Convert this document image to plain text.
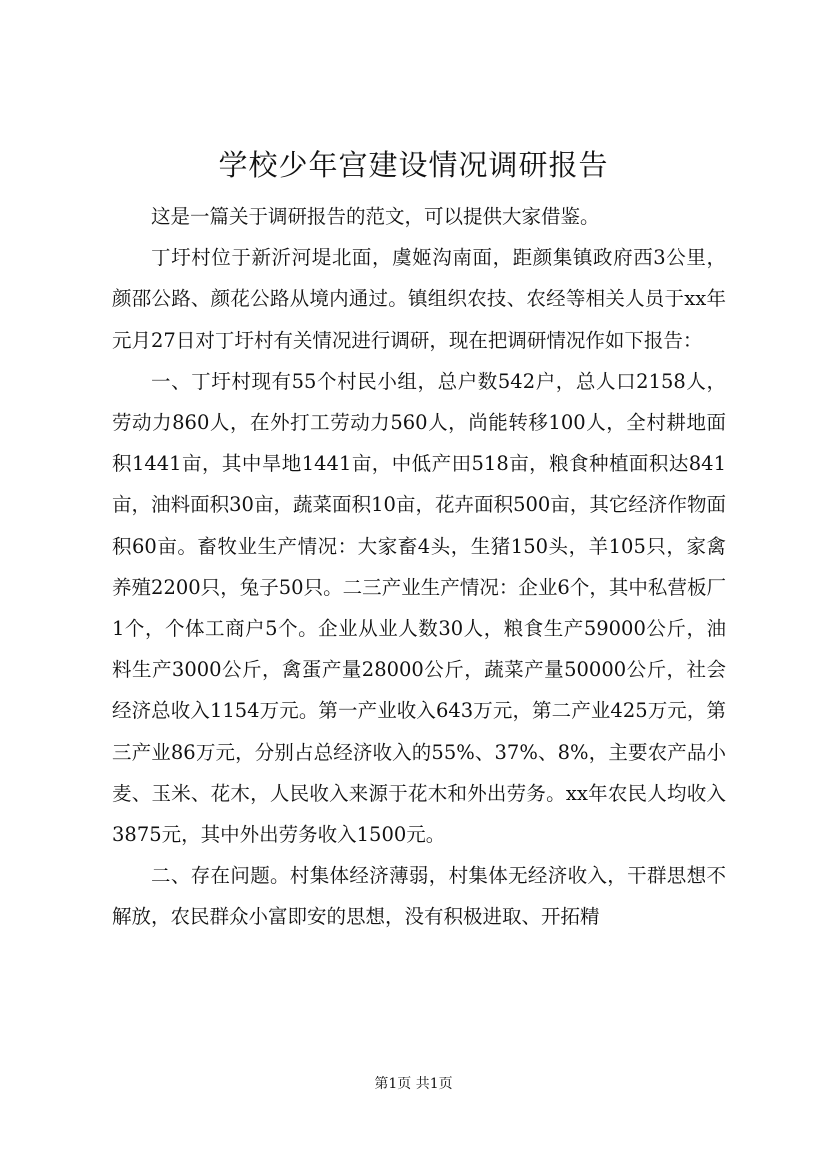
学校少年宫建设情况调研报告

这是一篇关于调研报告的范文，可以提供大家借鉴。

丁圩村位于新沂河堤北面，虞姬沟南面，距颜集镇政府西3公里，颜邵公路、颜花公路从境内通过。镇组织农技、农经等相关人员于xx年元月27日对丁圩村有关情况进行调研，现在把调研情况作如下报告：

一、丁圩村现有55个村民小组，总户数542户，总人口2158人，劳动力860人，在外打工劳动力560人，尚能转移100人，全村耕地面积1441亩，其中旱地1441亩，中低产田518亩，粮食种植面积达841亩，油料面积30亩，蔬菜面积10亩，花卉面积500亩，其它经济作物面积60亩。畜牧业生产情况：大家畜4头，生猪150头，羊105只，家禽养殖2200只，兔子50只。二三产业生产情况：企业6个，其中私营板厂1个，个体工商户5个。企业从业人数30人，粮食生产59000公斤，油料生产3000公斤，禽蛋产量28000公斤，蔬菜产量50000公斤，社会经济总收入1154万元。第一产业收入643万元，第二产业425万元，第三产业86万元，分别占总经济收入的55%、37%、8%，主要农产品小麦、玉米、花木，人民收入来源于花木和外出劳务。xx年农民人均收入3875元，其中外出劳务收入1500元。

二、存在问题。村集体经济薄弱，村集体无经济收入，干群思想不解放，农民群众小富即安的思想，没有积极进取、开拓精

第1页 共1页
